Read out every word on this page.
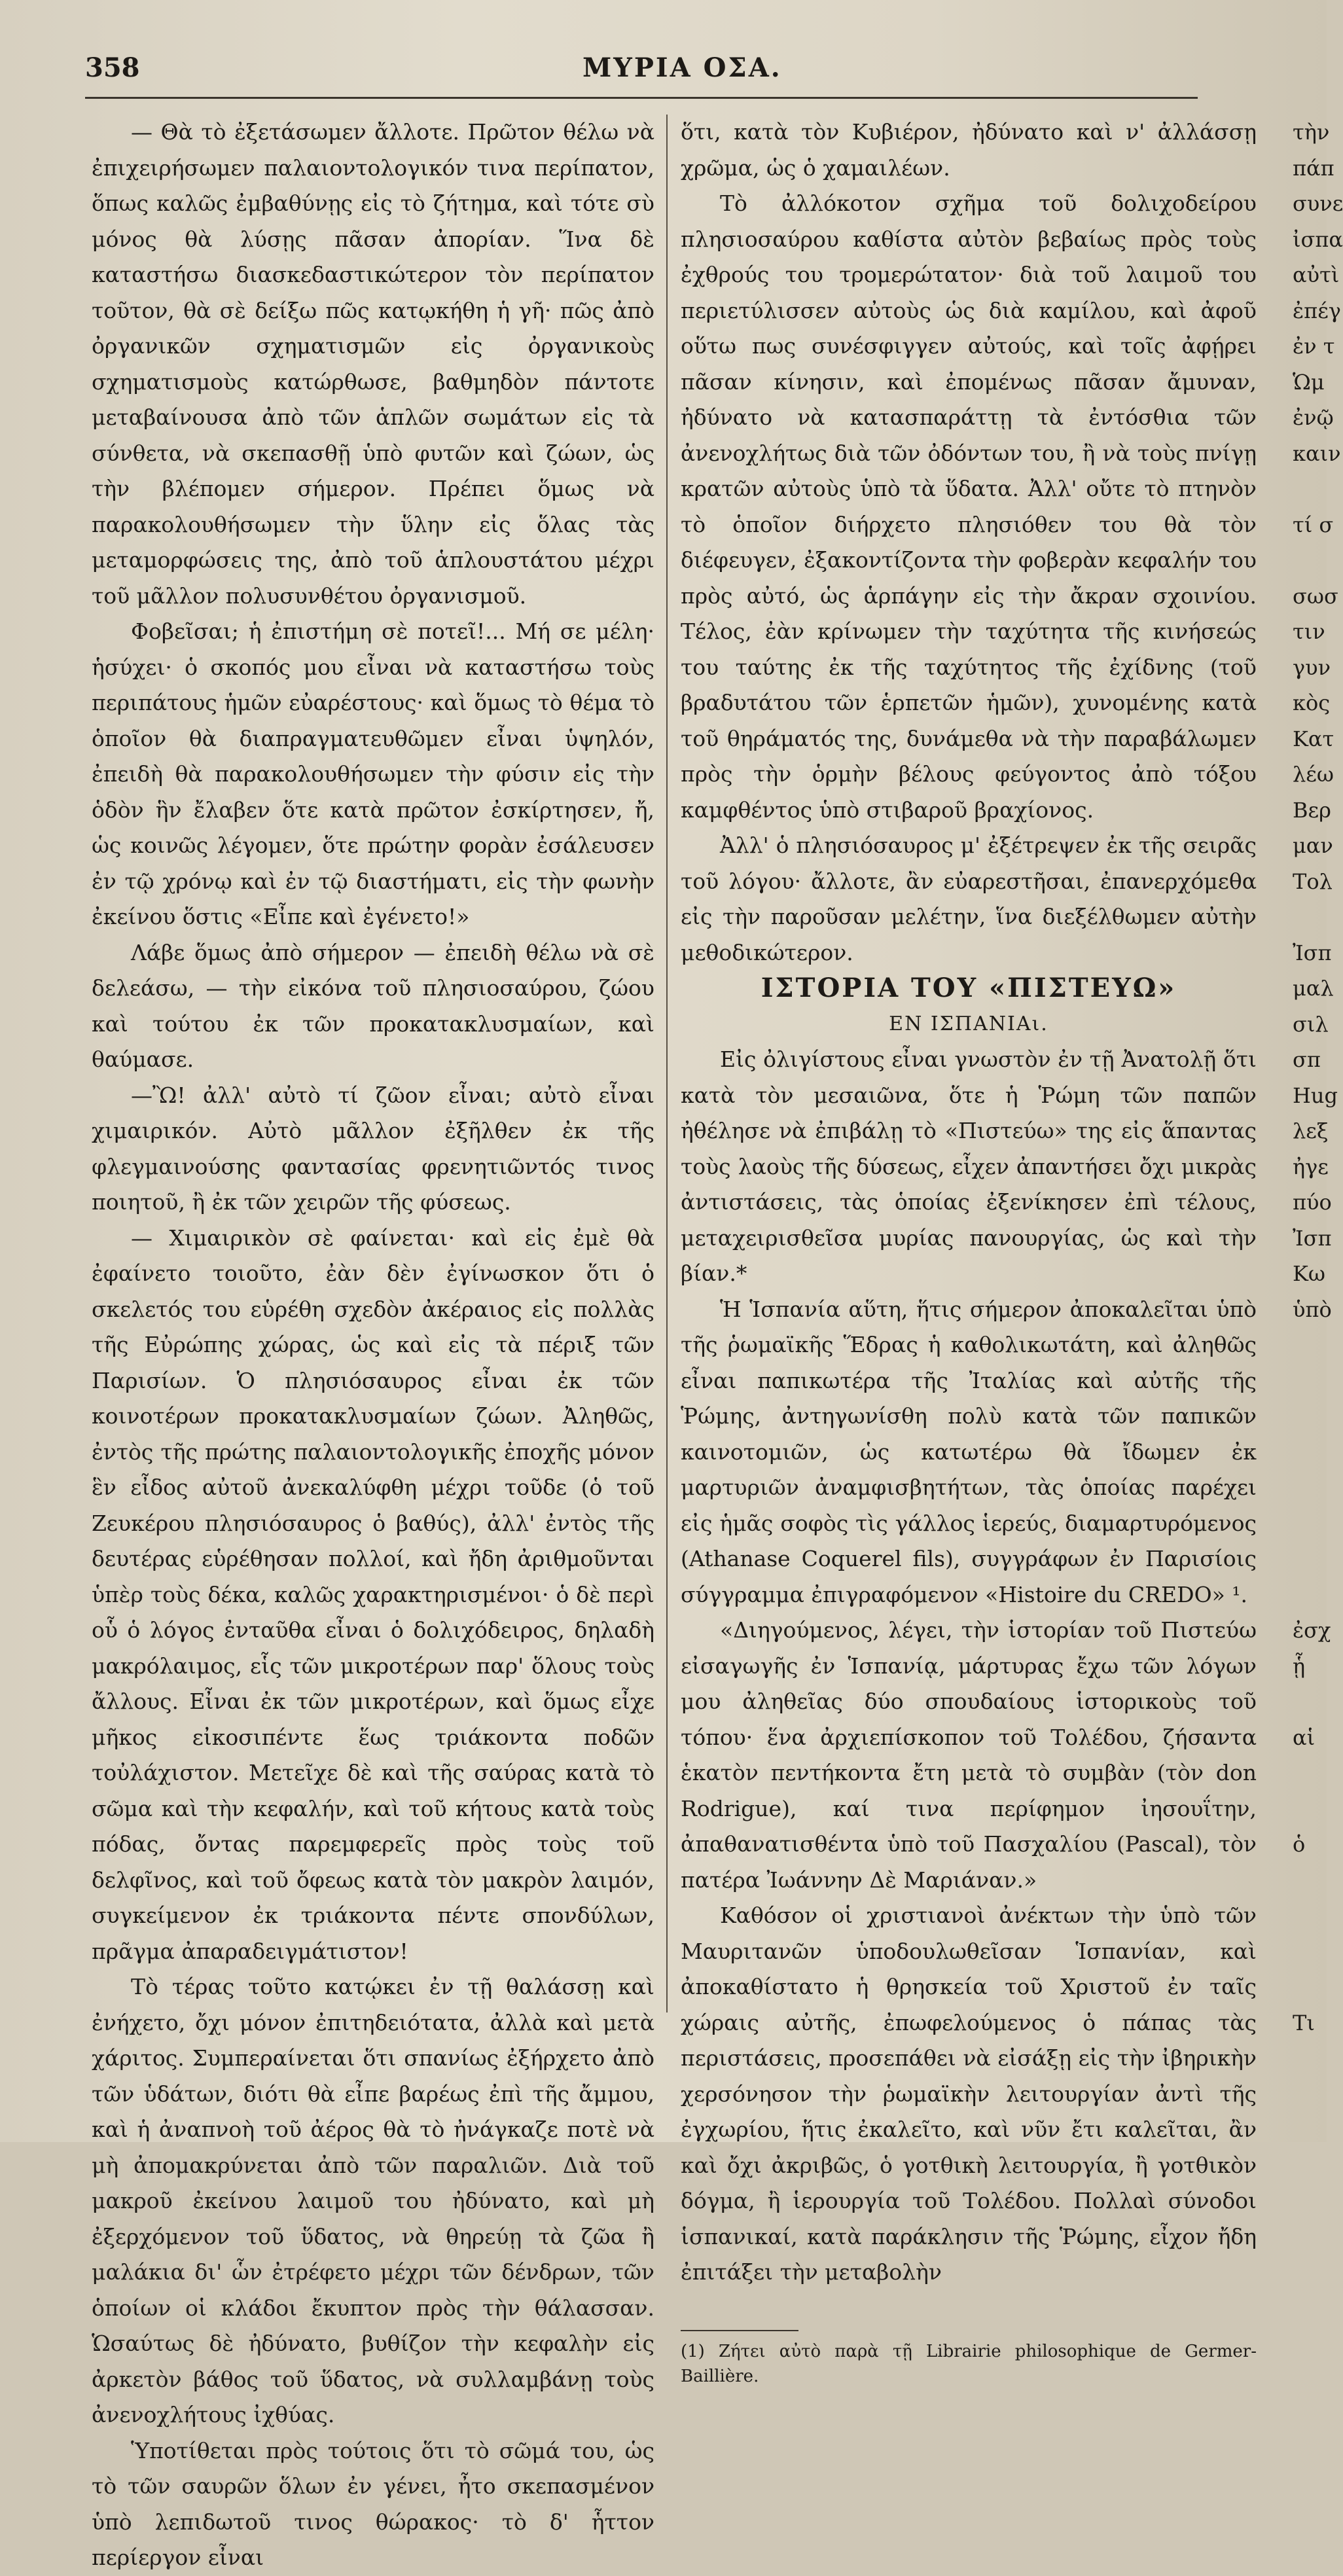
358	ΜΥΡΙΑ ΟΣΑ.

— Θὰ τὸ ἐξετάσωμεν ἄλλοτε. Πρῶτον θέλω νὰ ἐπιχειρήσωμεν παλαιοντολογικόν τινα περίπατον, ὅπως καλῶς ἐμβαθύνῃς εἰς τὸ ζήτημα, καὶ τότε σὺ μόνος θὰ λύσῃς πᾶσαν ἀπορίαν. Ἵνα δὲ καταστήσω διασκεδαστικώτερον τὸν περίπατον τοῦτον, θὰ σὲ δείξω πῶς κατῳκήθη ἡ γῆ· πῶς ἀπὸ ὀργανικῶν σχηματισμῶν εἰς ὀργανικοὺς σχηματισμοὺς κατώρθωσε, βαθμηδὸν πάντοτε μεταβαίνουσα ἀπὸ τῶν ἁπλῶν σωμάτων εἰς τὰ σύνθετα, νὰ σκεπασθῇ ὑπὸ φυτῶν καὶ ζώων, ὡς τὴν βλέπομεν σήμερον. Πρέπει ὅμως νὰ παρακολουθήσωμεν τὴν ὕλην εἰς ὅλας τὰς μεταμορφώσεις της, ἀπὸ τοῦ ἁπλουστάτου μέχρι τοῦ μᾶλλον πολυσυνθέτου ὀργανισμοῦ.

Φοβεῖσαι; ἡ ἐπιστήμη σὲ ποτεῖ!... Μή σε μέλη· ἡσύχει· ὁ σκοπός μου εἶναι νὰ καταστήσω τοὺς περιπάτους ἡμῶν εὐαρέστους· καὶ ὅμως τὸ θέμα τὸ ὁποῖον θὰ διαπραγματευθῶμεν εἶναι ὑψηλόν, ἐπειδὴ θὰ παρακολουθήσωμεν τὴν φύσιν εἰς τὴν ὁδὸν ἣν ἔλαβεν ὅτε κατὰ πρῶτον ἐσκίρτησεν, ἤ, ὡς κοινῶς λέγομεν, ὅτε πρώτην φορὰν ἐσάλευσεν ἐν τῷ χρόνῳ καὶ ἐν τῷ διαστήματι, εἰς τὴν φωνὴν ἐκείνου ὅστις «Εἶπε καὶ ἐγένετο!»

Λάβε ὅμως ἀπὸ σήμερον — ἐπειδὴ θέλω νὰ σὲ δελεάσω, — τὴν εἰκόνα τοῦ πλησιοσαύρου, ζώου καὶ τούτου ἐκ τῶν προκατακλυσμαίων, καὶ θαύμασε.

—Ὢ! ἀλλ' αὐτὸ τί ζῶον εἶναι; αὐτὸ εἶναι χιμαιρικόν. Αὐτὸ μᾶλλον ἐξῆλθεν ἐκ τῆς φλεγμαινούσης φαντασίας φρενητιῶντός τινος ποιητοῦ, ἢ ἐκ τῶν χειρῶν τῆς φύσεως.

— Χιμαιρικὸν σὲ φαίνεται· καὶ εἰς ἐμὲ θὰ ἐφαίνετο τοιοῦτο, ἐὰν δὲν ἐγίνωσκον ὅτι ὁ σκελετός του εὑρέθη σχεδὸν ἀκέραιος εἰς πολλὰς τῆς Εὐρώπης χώρας, ὡς καὶ εἰς τὰ πέριξ τῶν Παρισίων. Ὁ πλησιόσαυρος εἶναι ἐκ τῶν κοινοτέρων προκατακλυσμαίων ζώων. Ἀληθῶς, ἐντὸς τῆς πρώτης παλαιοντολογικῆς ἐποχῆς μόνον ἓν εἶδος αὐτοῦ ἀνεκαλύφθη μέχρι τοῦδε (ὁ τοῦ Ζευκέρου πλησιόσαυρος ὁ βαθύς), ἀλλ' ἐντὸς τῆς δευτέρας εὑρέθησαν πολλοί, καὶ ἤδη ἀριθμοῦνται ὑπὲρ τοὺς δέκα, καλῶς χαρακτηρισμένοι· ὁ δὲ περὶ οὗ ὁ λόγος ἐνταῦθα εἶναι ὁ δολιχόδειρος, δηλαδὴ μακρόλαιμος, εἷς τῶν μικροτέρων παρ' ὅλους τοὺς ἄλλους. Εἶναι ἐκ τῶν μικροτέρων, καὶ ὅμως εἶχε μῆκος εἰκοσιπέντε ἕως τριάκοντα ποδῶν τοὐλάχιστον. Μετεῖχε δὲ καὶ τῆς σαύρας κατὰ τὸ σῶμα καὶ τὴν κεφαλήν, καὶ τοῦ κήτους κατὰ τοὺς πόδας, ὄντας παρεμφερεῖς πρὸς τοὺς τοῦ δελφῖνος, καὶ τοῦ ὄφεως κατὰ τὸν μακρὸν λαιμόν, συγκείμενον ἐκ τριάκοντα πέντε σπονδύλων, πρᾶγμα ἀπαραδειγμάτιστον!

Τὸ τέρας τοῦτο κατῴκει ἐν τῇ θαλάσσῃ καὶ ἐνήχετο, ὄχι μόνον ἐπιτηδειότατα, ἀλλὰ καὶ μετὰ χάριτος. Συμπεραίνεται ὅτι σπανίως ἐξήρχετο ἀπὸ τῶν ὑδάτων, διότι θὰ εἶπε βαρέως ἐπὶ τῆς ἄμμου, καὶ ἡ ἀναπνοὴ τοῦ ἀέρος θὰ τὸ ἠνάγκαζε ποτὲ νὰ μὴ ἀπομακρύνεται ἀπὸ τῶν παραλιῶν. Διὰ τοῦ μακροῦ ἐκείνου λαιμοῦ του ἠδύνατο, καὶ μὴ ἐξερχόμενον τοῦ ὕδατος, νὰ θηρεύῃ τὰ ζῶα ἢ μαλάκια δι' ὧν ἐτρέφετο μέχρι τῶν δένδρων, τῶν ὁποίων οἱ κλάδοι ἔκυπτον πρὸς τὴν θάλασσαν. Ὡσαύτως δὲ ἠδύνατο, βυθίζον τὴν κεφαλὴν εἰς ἀρκετὸν βάθος τοῦ ὕδατος, νὰ συλλαμβάνῃ τοὺς ἀνενοχλήτους ἰχθύας.

Ὑποτίθεται πρὸς τούτοις ὅτι τὸ σῶμά του, ὡς τὸ τῶν σαυρῶν ὅλων ἐν γένει, ἦτο σκεπασμένον ὑπὸ λεπιδωτοῦ τινος θώρακος· τὸ δ' ἧττον περίεργον εἶναι

ὅτι, κατὰ τὸν Κυβιέρον, ἠδύνατο καὶ ν' ἀλλάσσῃ χρῶμα, ὡς ὁ χαμαιλέων.

Τὸ ἀλλόκοτον σχῆμα τοῦ δολιχοδείρου πλησιοσαύρου καθίστα αὐτὸν βεβαίως πρὸς τοὺς ἐχθρούς του τρομερώτατον· διὰ τοῦ λαιμοῦ του περιετύλισσεν αὐτοὺς ὡς διὰ καμίλου, καὶ ἀφοῦ οὕτω πως συνέσφιγγεν αὐτούς, καὶ τοῖς ἀφῄρει πᾶσαν κίνησιν, καὶ ἐπομένως πᾶσαν ἄμυναν, ἠδύνατο νὰ κατασπαράττῃ τὰ ἐντόσθια τῶν ἀνενοχλήτως διὰ τῶν ὀδόντων του, ἢ νὰ τοὺς πνίγῃ κρατῶν αὐτοὺς ὑπὸ τὰ ὕδατα. Ἀλλ' οὔτε τὸ πτηνὸν τὸ ὁποῖον διήρχετο πλησιόθεν του θὰ τὸν διέφευγεν, ἐξακοντίζοντα τὴν φοβερὰν κεφαλήν του πρὸς αὐτό, ὡς ἁρπάγην εἰς τὴν ἄκραν σχοινίου. Τέλος, ἐὰν κρίνωμεν τὴν ταχύτητα τῆς κινήσεώς του ταύτης ἐκ τῆς ταχύτητος τῆς ἐχίδνης (τοῦ βραδυτάτου τῶν ἑρπετῶν ἡμῶν), χυνομένης κατὰ τοῦ θηράματός της, δυνάμεθα νὰ τὴν παραβάλωμεν πρὸς τὴν ὁρμὴν βέλους φεύγοντος ἀπὸ τόξου καμφθέντος ὑπὸ στιβαροῦ βραχίονος.

Ἀλλ' ὁ πλησιόσαυρος μ' ἐξέτρεψεν ἐκ τῆς σειρᾶς τοῦ λόγου· ἄλλοτε, ἂν εὐαρεστῆσαι, ἐπανερχόμεθα εἰς τὴν παροῦσαν μελέτην, ἵνα διεξέλθωμεν αὐτὴν μεθοδικώτερον.

ΙΣΤΟΡΙΑ ΤΟΥ «ΠΙΣΤΕΥΩ»

ΕΝ ΙΣΠΑΝΙΑι.

Εἰς ὀλιγίστους εἶναι γνωστὸν ἐν τῇ Ἀνατολῇ ὅτι κατὰ τὸν μεσαιῶνα, ὅτε ἡ Ῥώμη τῶν παπῶν ἠθέλησε νὰ ἐπιβάλῃ τὸ «Πιστεύω» της εἰς ἅπαντας τοὺς λαοὺς τῆς δύσεως, εἶχεν ἀπαντήσει ὄχι μικρὰς ἀντιστάσεις, τὰς ὁποίας ἐξενίκησεν ἐπὶ τέλους, μεταχειρισθεῖσα μυρίας πανουργίας, ὡς καὶ τὴν βίαν.*

Ἡ Ἱσπανία αὕτη, ἥτις σήμερον ἀποκαλεῖται ὑπὸ τῆς ῥωμαϊκῆς Ἕδρας ἡ καθολικωτάτη, καὶ ἀληθῶς εἶναι παπικωτέρα τῆς Ἰταλίας καὶ αὐτῆς τῆς Ῥώμης, ἀντηγωνίσθη πολὺ κατὰ τῶν παπικῶν καινοτομιῶν, ὡς κατωτέρω θὰ ἴδωμεν ἐκ μαρτυριῶν ἀναμφισβητήτων, τὰς ὁποίας παρέχει εἰς ἡμᾶς σοφὸς τὶς γάλλος ἱερεύς, διαμαρτυρόμενος (Athanase Coquerel fils), συγγράφων ἐν Παρισίοις σύγγραμμα ἐπιγραφόμενον «Histoire du CREDO» ¹.

«Διηγούμενος, λέγει, τὴν ἱστορίαν τοῦ Πιστεύω εἰσαγωγῆς ἐν Ἱσπανίᾳ, μάρτυρας ἔχω τῶν λόγων μου ἀληθεῖας δύο σπουδαίους ἱστορικοὺς τοῦ τόπου· ἕνα ἀρχιεπίσκοπον τοῦ Τολέδου, ζήσαντα ἑκατὸν πεντήκοντα ἔτη μετὰ τὸ συμβὰν (τὸν don Rodrigue), καί τινα περίφημον ἰησουΐτην, ἀπαθανατισθέντα ὑπὸ τοῦ Πασχαλίου (Pascal), τὸν πατέρα Ἰωάννην Δὲ Μαριάναν.»

Καθόσον οἱ χριστιανοὶ ἀνέκτων τὴν ὑπὸ τῶν Μαυριτανῶν ὑποδουλωθεῖσαν Ἱσπανίαν, καὶ ἀποκαθίστατο ἡ θρησκεία τοῦ Χριστοῦ ἐν ταῖς χώραις αὐτῆς, ἐπωφελούμενος ὁ πάπας τὰς περιστάσεις, προσεπάθει νὰ εἰσάξῃ εἰς τὴν ἰβηρικὴν χερσόνησον τὴν ῥωμαϊκὴν λειτουργίαν ἀντὶ τῆς ἐγχωρίου, ἥτις ἐκαλεῖτο, καὶ νῦν ἔτι καλεῖται, ἂν καὶ ὄχι ἀκριβῶς, ὁ γοτθικὴ λειτουργία, ἢ γοτθικὸν δόγμα, ἢ ἱερουργία τοῦ Τολέδου. Πολλαὶ σύνοδοι ἱσπανικαί, κατὰ παράκλησιν τῆς Ῥώμης, εἶχον ἤδη ἐπιτάξει τὴν μεταβολὴν

(1) Ζήτει αὐτὸ παρὰ τῇ Librairie philosophique de Germer-Baillière.

τὴν
πάπ
συνε
ἰσπα
αὐτὶ
ἐπέγ
ἐν τ
Ὡμ
ἐνῷ
καιν
τί σ
σωσ
τιν
γυν
κὸς
Κατ
λέω
Βερ
μαν
Τολ
Ἰσπ
μαλ
σιλ
σπ
Hug
λεξ
ἠγε
πύο
Ἰσπ
Κω
ὑπὸ
ἐσχ
ᾗ
αἱ
ὁ
Τι
